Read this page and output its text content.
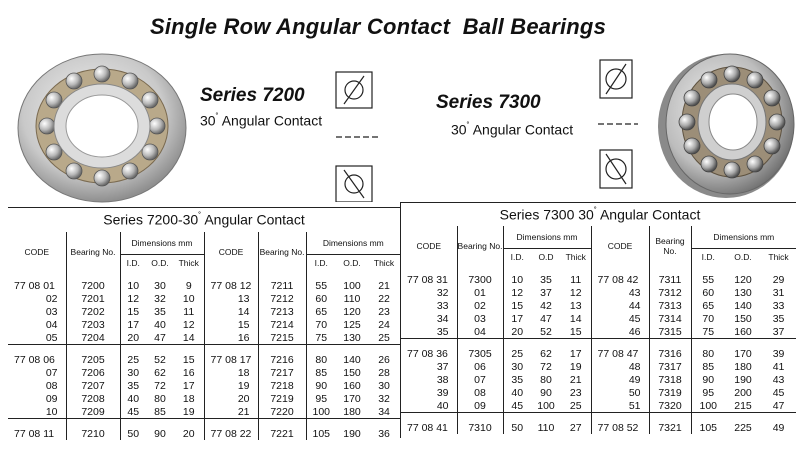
Single Row Angular Contact  Ball Bearings
Series 7200
30˚ Angular Contact
Series 7300
30˚ Angular Contact
Series 7200-30˚ Angular Contact	Series 7300 30˚ Angular Contact
CODE	Bearing No.	Dimensions mm			CODE	Bearing No.	Dimensions mm		
		I.D.	O.D.	Thick			I.D.	O.D.	Thick
77 08 01	7200	10	30	9	77 08 12	7211	55	100	21
02	7201	12	32	10	13	7212	60	110	22
03	7202	15	35	11	14	7213	65	120	23
04	7203	17	40	12	15	7214	70	125	24
05	7204	20	47	14	16	7215	75	130	25
77 08 06	7205	25	52	15	77 08 17	7216	80	140	26
07	7206	30	62	16	18	7217	85	150	28
08	7207	35	72	17	19	7218	90	160	30
09	7208	40	80	18	20	7219	95	170	32
10	7209	45	85	19	21	7220	100	180	34
77 08 11	7210	50	90	20	77 08 22	7221	105	190	36
CODE	Bearing No.	Dimensions mm			CODE	Bearing No.	Dimensions mm		
		I.D.	O.D	Thick			I.D.	O.D.	Thick
77 08 31	7300	10	35	11	77 08 42	7311	55	120	29
32	01	12	37	12	43	7312	60	130	31
33	02	15	42	13	44	7313	65	140	33
34	03	17	47	14	45	7314	70	150	35
35	04	20	52	15	46	7315	75	160	37
77 08 36	7305	25	62	17	77 08 47	7316	80	170	39
37	06	30	72	19	48	7317	85	180	41
38	07	35	80	21	49	7318	90	190	43
39	08	40	90	23	50	7319	95	200	45
40	09	45	100	25	51	7320	100	215	47
77 08 41	7310	50	110	27	77 08 52	7321	105	225	49
